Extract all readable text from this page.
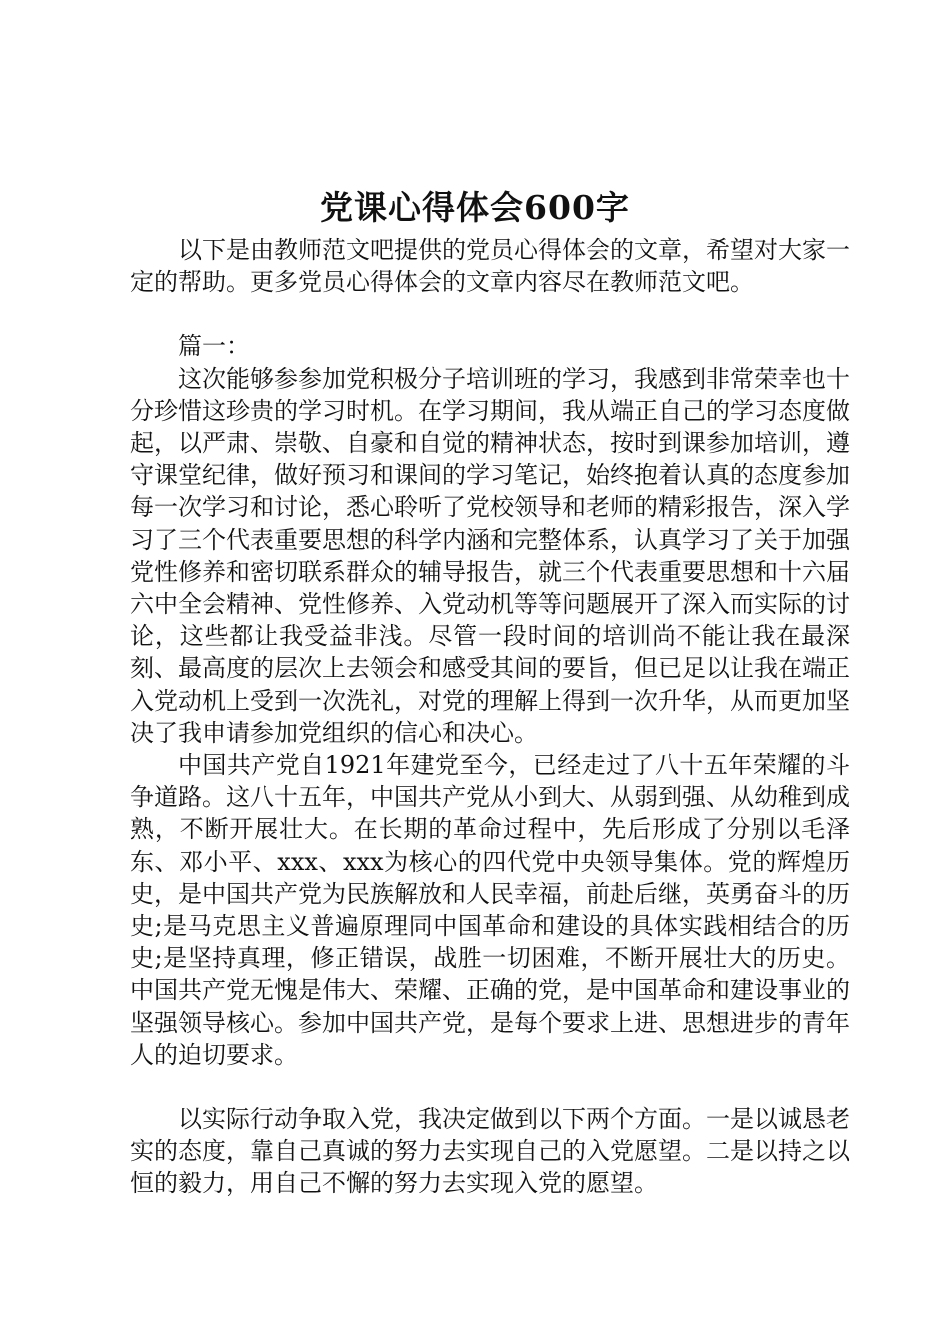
党课心得体会600字

以下是由教师范文吧提供的党员心得体会的文章，希望对大家一定的帮助。更多党员心得体会的文章内容尽在教师范文吧。

篇一：

这次能够参参加党积极分子培训班的学习，我感到非常荣幸也十分珍惜这珍贵的学习时机。在学习期间，我从端正自己的学习态度做起，以严肃、崇敬、自豪和自觉的精神状态，按时到课参加培训，遵守课堂纪律，做好预习和课间的学习笔记，始终抱着认真的态度参加每一次学习和讨论，悉心聆听了党校领导和老师的精彩报告，深入学习了三个代表重要思想的科学内涵和完整体系，认真学习了关于加强党性修养和密切联系群众的辅导报告，就三个代表重要思想和十六届六中全会精神、党性修养、入党动机等等问题展开了深入而实际的讨论，这些都让我受益非浅。尽管一段时间的培训尚不能让我在最深刻、最高度的层次上去领会和感受其间的要旨，但已足以让我在端正入党动机上受到一次洗礼，对党的理解上得到一次升华，从而更加坚决了我申请参加党组织的信心和决心。

中国共产党自1921年建党至今，已经走过了八十五年荣耀的斗争道路。这八十五年，中国共产党从小到大、从弱到强、从幼稚到成熟，不断开展壮大。在长期的革命过程中，先后形成了分别以毛泽东、邓小平、xxx、xxx为核心的四代党中央领导集体。党的辉煌历史，是中国共产党为民族解放和人民幸福，前赴后继，英勇奋斗的历史;是马克思主义普遍原理同中国革命和建设的具体实践相结合的历史;是坚持真理，修正错误，战胜一切困难，不断开展壮大的历史。中国共产党无愧是伟大、荣耀、正确的党，是中国革命和建设事业的坚强领导核心。参加中国共产党，是每个要求上进、思想进步的青年人的迫切要求。

以实际行动争取入党，我决定做到以下两个方面。一是以诚恳老实的态度，靠自己真诚的努力去实现自己的入党愿望。二是以持之以恒的毅力，用自己不懈的努力去实现入党的愿望。
